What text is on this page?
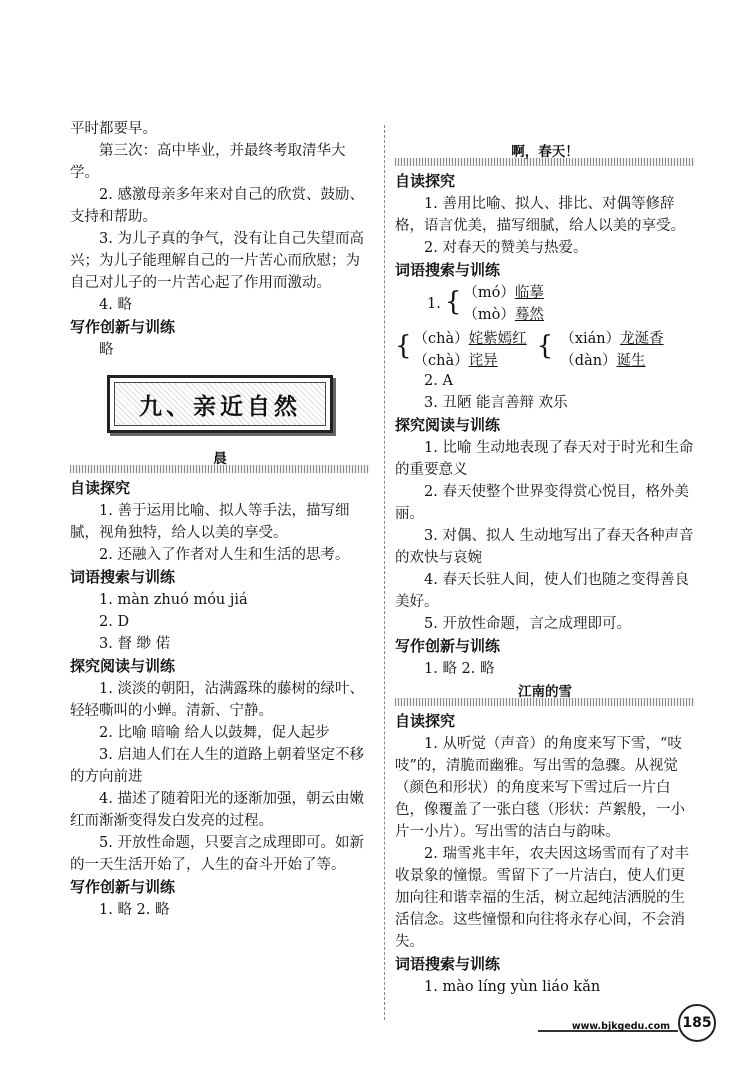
平时都要早。

第三次：高中毕业，并最终考取清华大学。

2. 感激母亲多年来对自己的欣赏、鼓励、支持和帮助。

3. 为儿子真的争气，没有让自己失望而高兴；为儿子能理解自己的一片苦心而欣慰；为自己对儿子的一片苦心起了作用而激动。

4. 略

写作创新与训练

略

九、亲近自然
晨

自读探究

1. 善于运用比喻、拟人等手法，描写细腻，视角独特，给人以美的享受。

2. 还融入了作者对人生和生活的思考。

词语搜索与训练

1. màn zhuó móu jiá

2. D

3. 督 缈 偌

探究阅读与训练

1. 淡淡的朝阳，沾满露珠的藤树的绿叶、轻轻嘶叫的小蝉。清新、宁静。

2. 比喻 暗喻 给人以鼓舞，促人起步

3. 启迪人们在人生的道路上朝着坚定不移的方向前进

4. 描述了随着阳光的逐渐加强，朝云由嫩红而渐渐变得发白发亮的过程。

5. 开放性命题，只要言之成理即可。如新的一天生活开始了，人生的奋斗开始了等。

写作创新与训练

1. 略 2. 略

啊，春天！

自读探究

1. 善用比喻、拟人、排比、对偶等修辞格，语言优美，描写细腻，给人以美的享受。

2. 对春天的赞美与热爱。

词语搜索与训练

1. { （mó）临摹

（mò）蓦然

{ （chà）姹紫嫣红

（chà）诧异	{ （xián）龙涎香

（dàn）诞生

2. A

3. 丑陋 能言善辩 欢乐

探究阅读与训练

1. 比喻 生动地表现了春天对于时光和生命的重要意义

2. 春天使整个世界变得赏心悦目，格外美丽。

3. 对偶、拟人 生动地写出了春天各种声音的欢快与哀婉

4. 春天长驻人间，使人们也随之变得善良美好。

5. 开放性命题，言之成理即可。

写作创新与训练

1. 略 2. 略

江南的雪

自读探究

1. 从听觉（声音）的角度来写下雪，“吱吱”的，清脆而幽雅。写出雪的急骤。从视觉（颜色和形状）的角度来写下雪过后一片白色，像覆盖了一张白毯（形状：芦絮般，一小片一小片）。写出雪的洁白与韵味。

2. 瑞雪兆丰年，农夫因这场雪而有了对丰收景象的憧憬。雪留下了一片洁白，使人们更加向往和谐幸福的生活，树立起纯洁洒脱的生活信念。这些憧憬和向往将永存心间，不会消失。

词语搜索与训练

1. mào líng yùn liáo kǎn

www.bjkgedu.com 185
